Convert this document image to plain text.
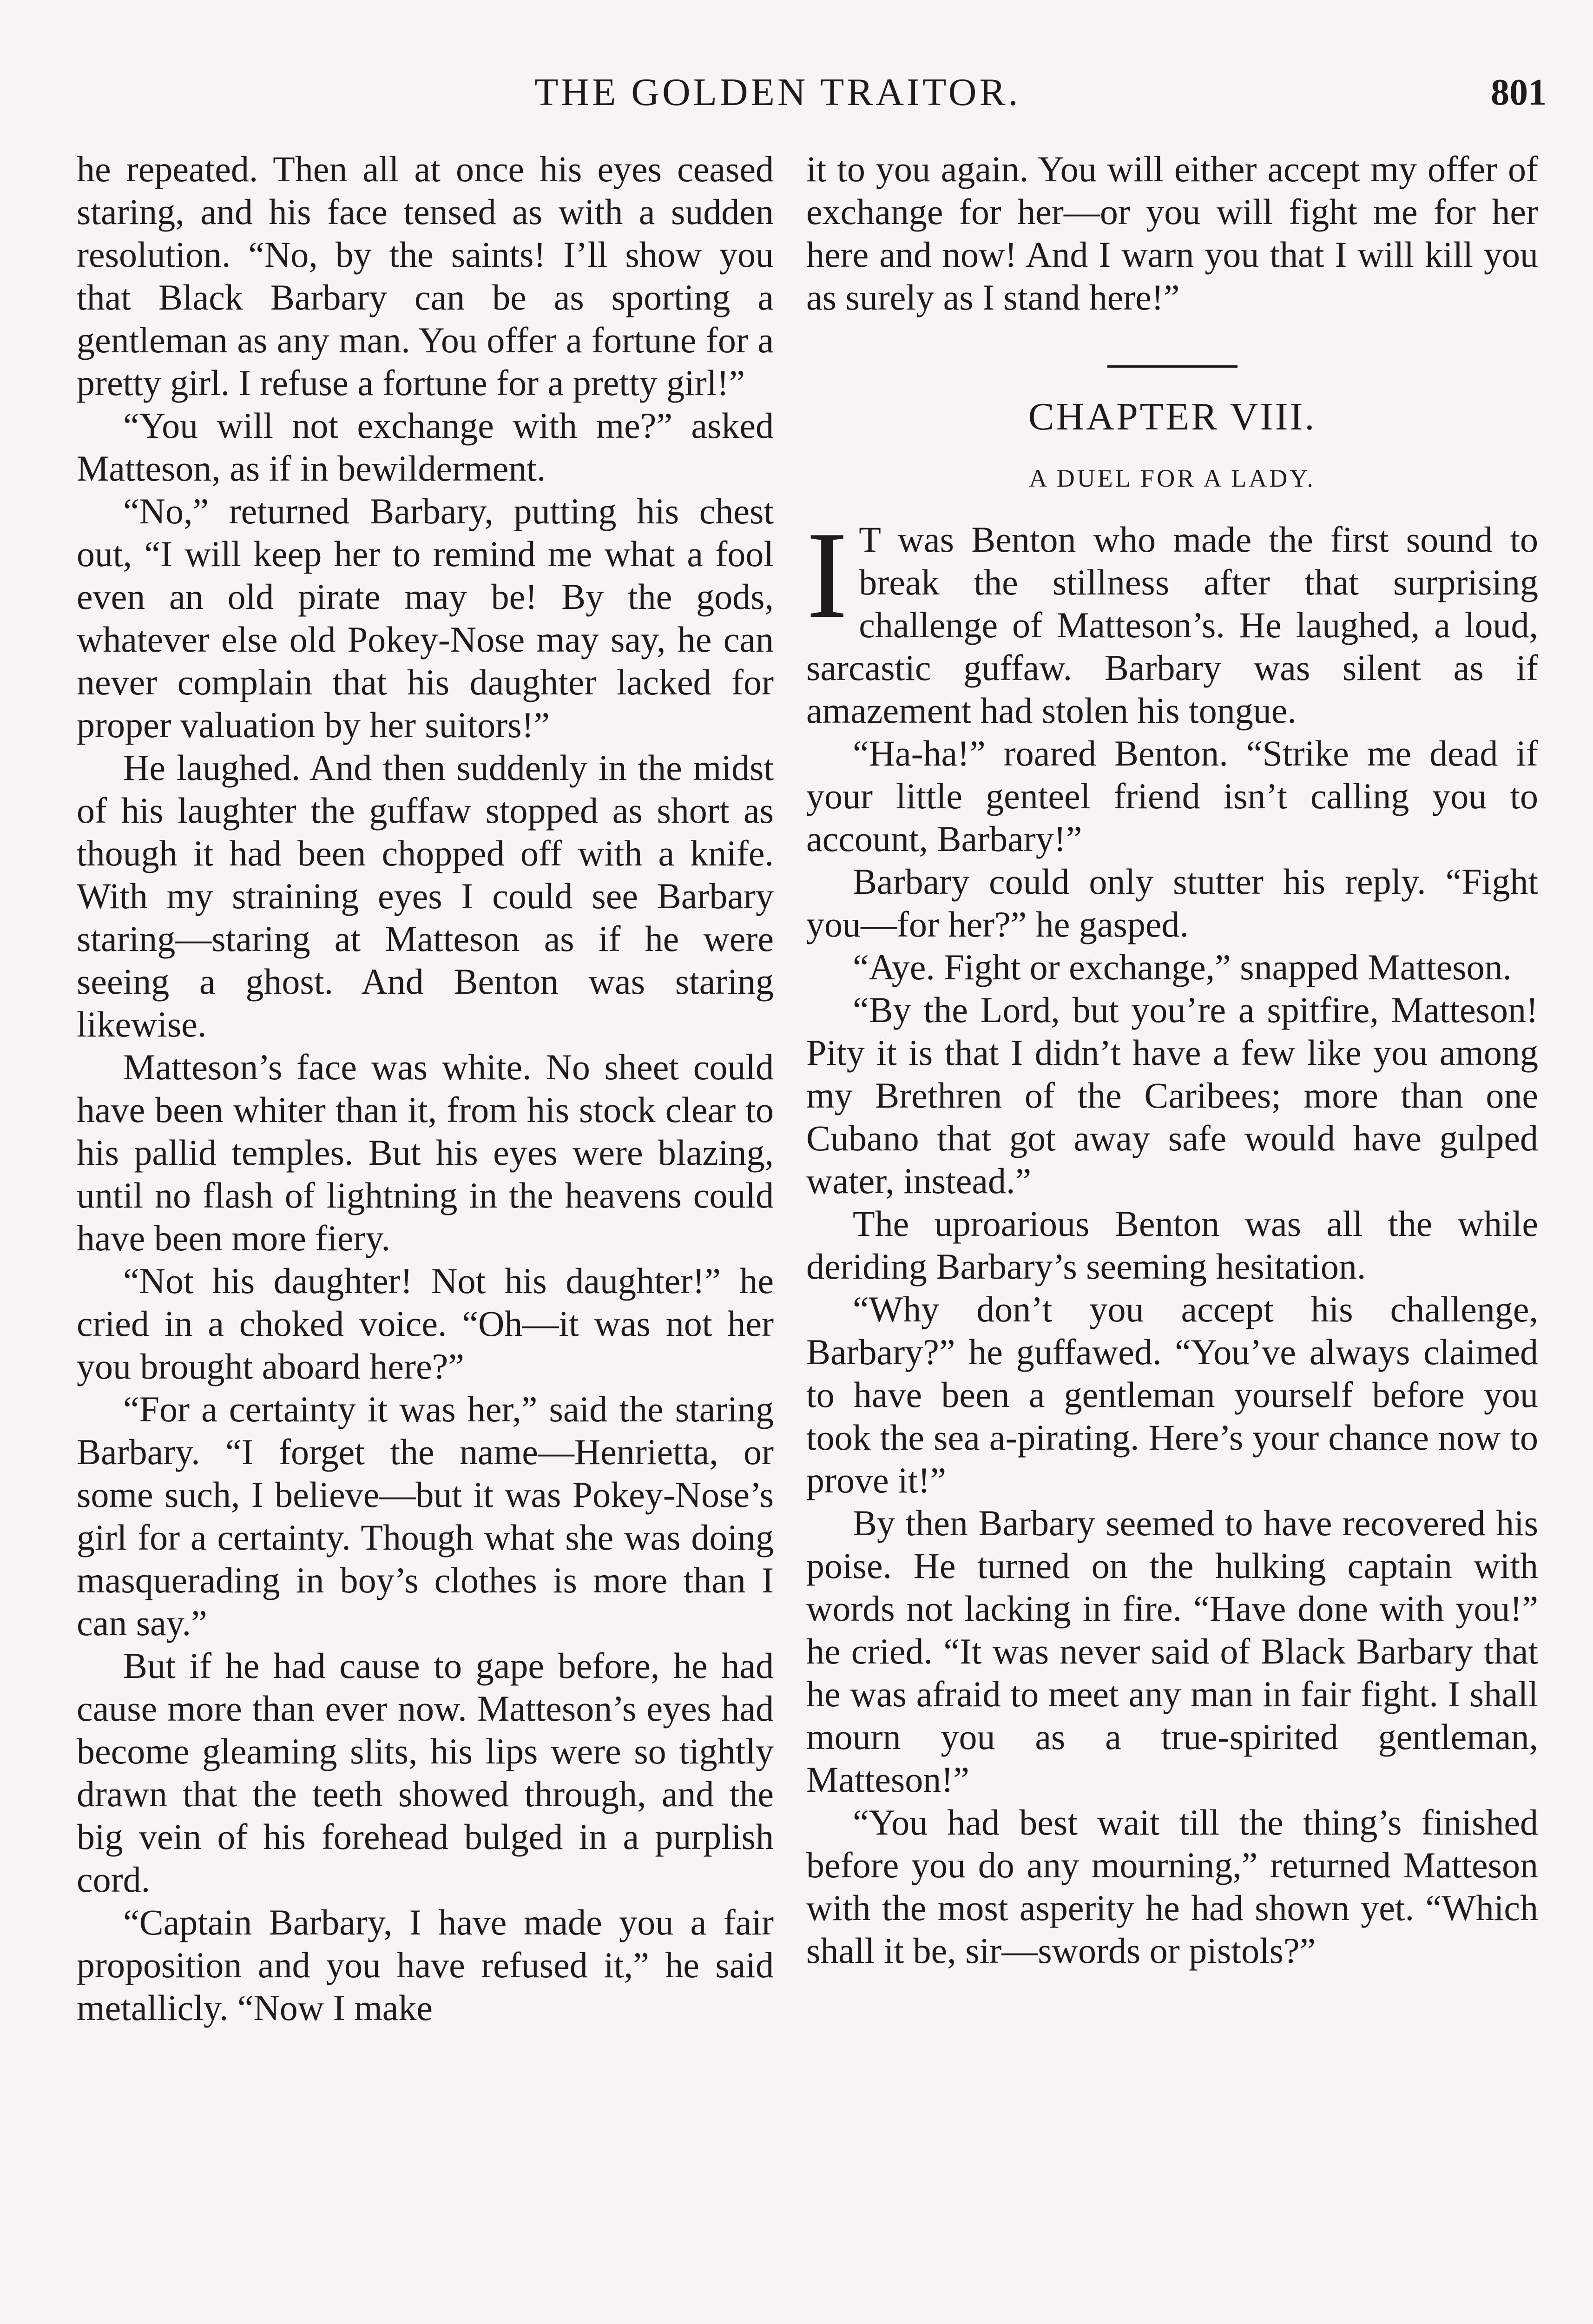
THE GOLDEN TRAITOR.	801

he repeated. Then all at once his eyes ceased staring, and his face tensed as with a sudden resolution. “No, by the saints! I’ll show you that Black Barbary can be as sporting a gentleman as any man. You offer a fortune for a pretty girl. I refuse a fortune for a pretty girl!”

“You will not exchange with me?” asked Matteson, as if in bewilderment.

“No,” returned Barbary, putting his chest out, “I will keep her to remind me what a fool even an old pirate may be! By the gods, whatever else old Pokey-Nose may say, he can never complain that his daughter lacked for proper valuation by her suitors!”

He laughed. And then suddenly in the midst of his laughter the guffaw stopped as short as though it had been chopped off with a knife. With my straining eyes I could see Barbary staring—staring at Matteson as if he were seeing a ghost. And Benton was staring likewise.

Matteson’s face was white. No sheet could have been whiter than it, from his stock clear to his pallid temples. But his eyes were blazing, until no flash of lightning in the heavens could have been more fiery.

“Not his daughter! Not his daughter!” he cried in a choked voice. “Oh—it was not her you brought aboard here?”

“For a certainty it was her,” said the staring Barbary. “I forget the name—Henrietta, or some such, I believe—but it was Pokey-Nose’s girl for a certainty. Though what she was doing masquerading in boy’s clothes is more than I can say.”

But if he had cause to gape before, he had cause more than ever now. Matteson’s eyes had become gleaming slits, his lips were so tightly drawn that the teeth showed through, and the big vein of his forehead bulged in a purplish cord.

“Captain Barbary, I have made you a fair proposition and you have refused it,” he said metallicly. “Now I make

it to you again. You will either accept my offer of exchange for her—or you will fight me for her here and now! And I warn you that I will kill you as surely as I stand here!”

CHAPTER VIII.
A DUEL FOR A LADY.

I T was Benton who made the first sound to break the stillness after that surprising challenge of Matteson’s. He laughed, a loud, sarcastic guffaw. Barbary was silent as if amazement had stolen his tongue.

“Ha-ha!” roared Benton. “Strike me dead if your little genteel friend isn’t calling you to account, Barbary!”

Barbary could only stutter his reply. “Fight you—for her?” he gasped.

“Aye. Fight or exchange,” snapped Matteson.

“By the Lord, but you’re a spitfire, Matteson! Pity it is that I didn’t have a few like you among my Brethren of the Caribees; more than one Cubano that got away safe would have gulped water, instead.”

The uproarious Benton was all the while deriding Barbary’s seeming hesitation.

“Why don’t you accept his challenge, Barbary?” he guffawed. “You’ve always claimed to have been a gentleman yourself before you took the sea a-pirating. Here’s your chance now to prove it!”

By then Barbary seemed to have recovered his poise. He turned on the hulking captain with words not lacking in fire. “Have done with you!” he cried. “It was never said of Black Barbary that he was afraid to meet any man in fair fight. I shall mourn you as a true-spirited gentleman, Matteson!”

“You had best wait till the thing’s finished before you do any mourning,” returned Matteson with the most asperity he had shown yet. “Which shall it be, sir—swords or pistols?”
